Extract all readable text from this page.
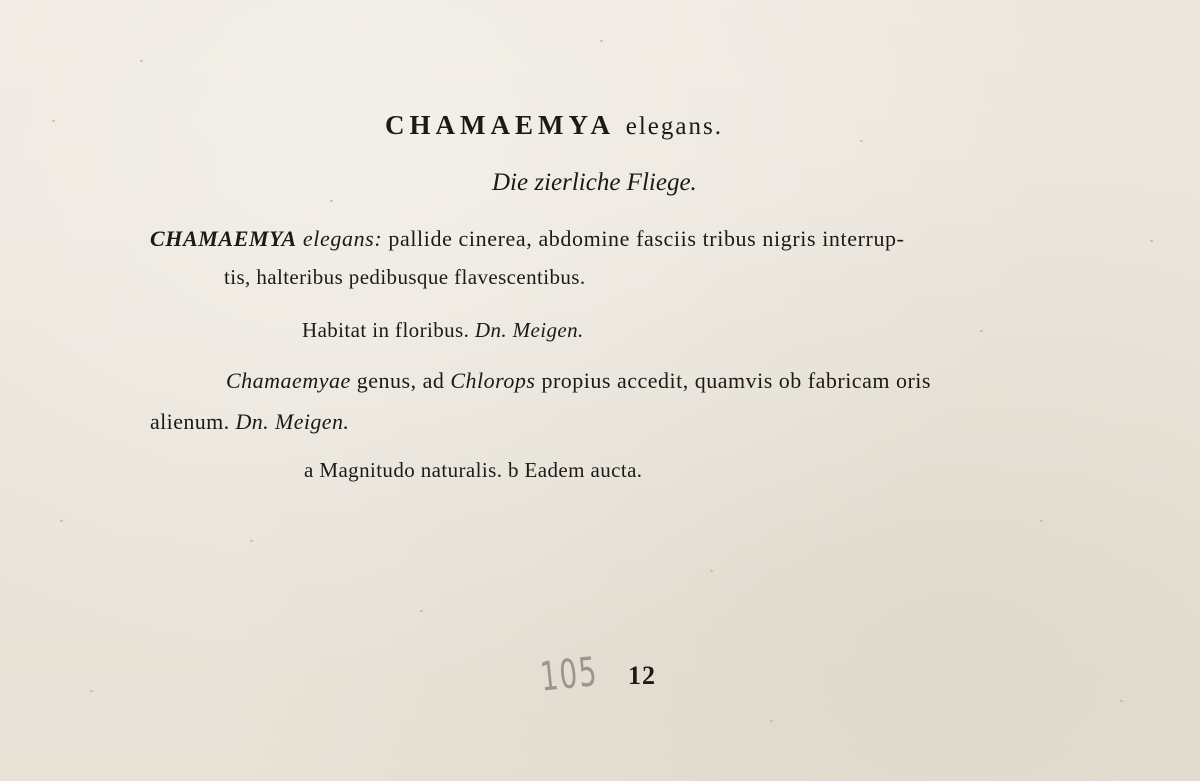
CHAMAEMYA elegans.
Die zierliche Fliege.
CHAMAEMYA elegans: pallide cinerea, abdomine fasciis tribus nigris interrup-
tis, halteribus pedibusque flavescentibus.
Habitat in floribus. Dn. Meigen.
Chamaemyae genus, ad Chlorops propius accedit, quamvis ob fabricam oris
alienum. Dn. Meigen.
a Magnitudo naturalis. b Eadem aucta.
105 12
